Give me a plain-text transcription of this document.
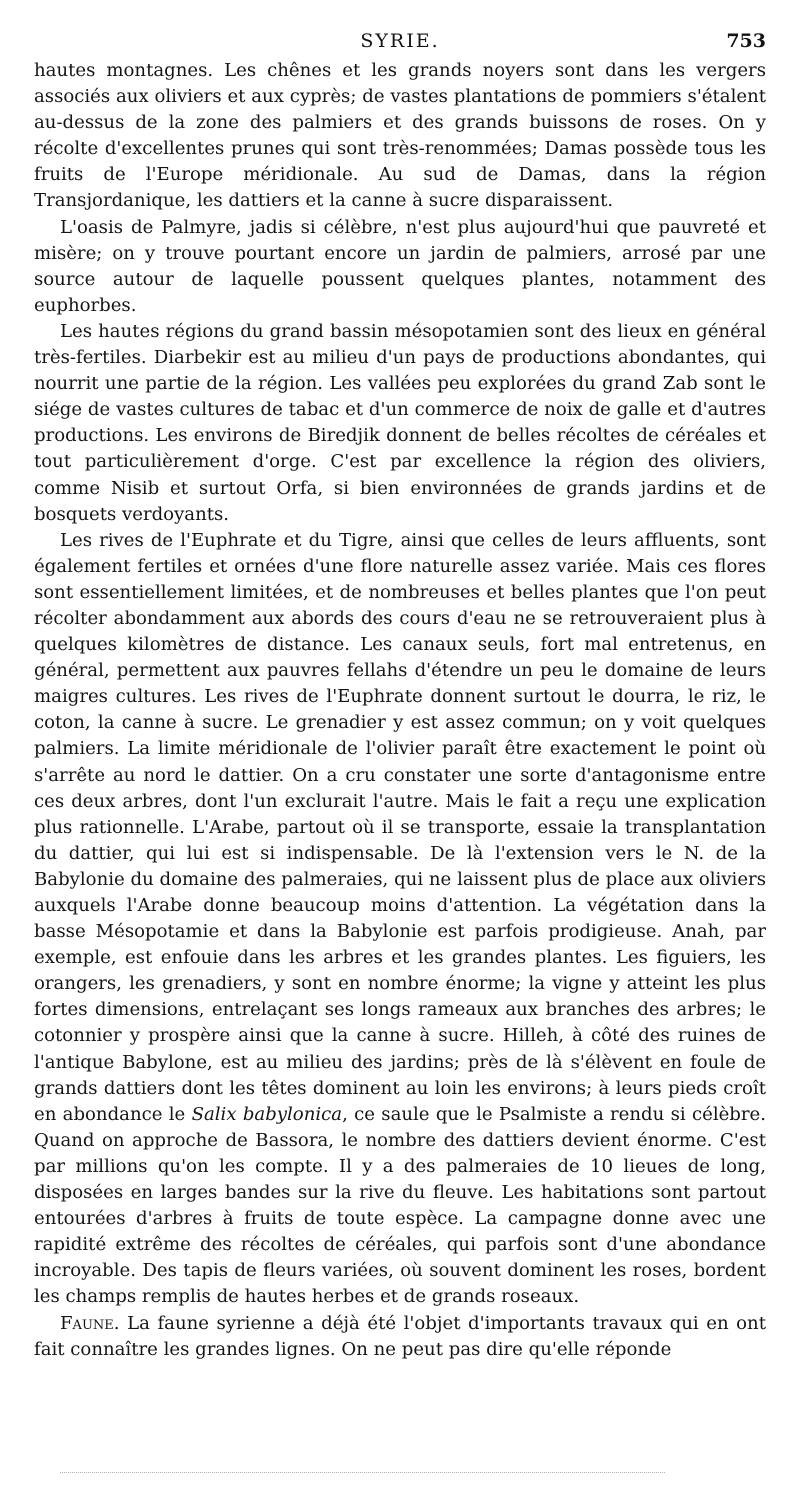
SYRIE.	753

hautes montagnes. Les chênes et les grands noyers sont dans les vergers associés aux oliviers et aux cyprès; de vastes plantations de pommiers s'étalent au-dessus de la zone des palmiers et des grands buissons de roses. On y récolte d'excellentes prunes qui sont très-renommées; Damas possède tous les fruits de l'Europe méridionale. Au sud de Damas, dans la région Transjordanique, les dattiers et la canne à sucre disparaissent.

L'oasis de Palmyre, jadis si célèbre, n'est plus aujourd'hui que pauvreté et misère; on y trouve pourtant encore un jardin de palmiers, arrosé par une source autour de laquelle poussent quelques plantes, notamment des euphorbes.

Les hautes régions du grand bassin mésopotamien sont des lieux en général très-fertiles. Diarbekir est au milieu d'un pays de productions abondantes, qui nourrit une partie de la région. Les vallées peu explorées du grand Zab sont le siége de vastes cultures de tabac et d'un commerce de noix de galle et d'autres productions. Les environs de Biredjik donnent de belles récoltes de céréales et tout particulièrement d'orge. C'est par excellence la région des oliviers, comme Nisib et surtout Orfa, si bien environnées de grands jardins et de bosquets verdoyants.

Les rives de l'Euphrate et du Tigre, ainsi que celles de leurs affluents, sont également fertiles et ornées d'une flore naturelle assez variée. Mais ces flores sont essentiellement limitées, et de nombreuses et belles plantes que l'on peut récolter abondamment aux abords des cours d'eau ne se retrouveraient plus à quelques kilomètres de distance. Les canaux seuls, fort mal entretenus, en général, permettent aux pauvres fellahs d'étendre un peu le domaine de leurs maigres cultures. Les rives de l'Euphrate donnent surtout le dourra, le riz, le coton, la canne à sucre. Le grenadier y est assez commun; on y voit quelques palmiers. La limite méridionale de l'olivier paraît être exactement le point où s'arrête au nord le dattier. On a cru constater une sorte d'antagonisme entre ces deux arbres, dont l'un exclurait l'autre. Mais le fait a reçu une explication plus rationnelle. L'Arabe, partout où il se transporte, essaie la transplantation du dattier, qui lui est si indispensable. De là l'extension vers le N. de la Babylonie du domaine des palmeraies, qui ne laissent plus de place aux oliviers auxquels l'Arabe donne beaucoup moins d'attention. La végétation dans la basse Mésopotamie et dans la Babylonie est parfois prodigieuse. Anah, par exemple, est enfouie dans les arbres et les grandes plantes. Les figuiers, les orangers, les grenadiers, y sont en nombre énorme; la vigne y atteint les plus fortes dimensions, entrelaçant ses longs rameaux aux branches des arbres; le cotonnier y prospère ainsi que la canne à sucre. Hilleh, à côté des ruines de l'antique Babylone, est au milieu des jardins; près de là s'élèvent en foule de grands dattiers dont les têtes dominent au loin les environs; à leurs pieds croît en abondance le Salix babylonica, ce saule que le Psalmiste a rendu si célèbre. Quand on approche de Bassora, le nombre des dattiers devient énorme. C'est par millions qu'on les compte. Il y a des palmeraies de 10 lieues de long, disposées en larges bandes sur la rive du fleuve. Les habitations sont partout entourées d'arbres à fruits de toute espèce. La campagne donne avec une rapidité extrême des récoltes de céréales, qui parfois sont d'une abondance incroyable. Des tapis de fleurs variées, où souvent dominent les roses, bordent les champs remplis de hautes herbes et de grands roseaux.

Faune. La faune syrienne a déjà été l'objet d'importants travaux qui en ont fait connaître les grandes lignes. On ne peut pas dire qu'elle réponde
